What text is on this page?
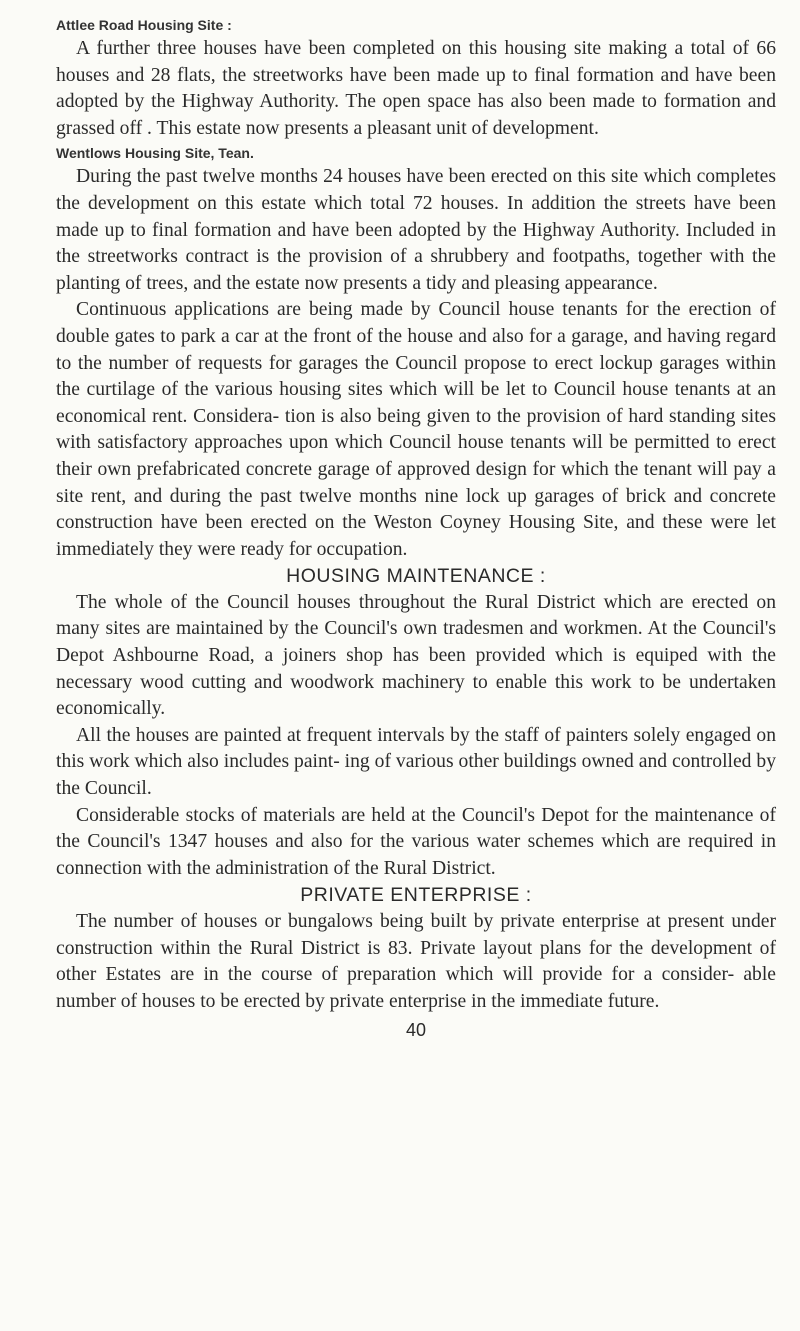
Attlee Road Housing Site :

A further three houses have been completed on this housing site making a total of 66 houses and 28 flats, the streetworks have been made up to final formation and have been adopted by the Highway Authority. The open space has also been made to formation and grassed off . This estate now presents a pleasant unit of development.

Wentlows Housing Site, Tean.

During the past twelve months 24 houses have been erected on this site which completes the development on this estate which total 72 houses. In addition the streets have been made up to final formation and have been adopted by the Highway Authority. Included in the streetworks contract is the provision of a shrubbery and footpaths, together with the planting of trees, and the estate now presents a tidy and pleasing appearance.

Continuous applications are being made by Council house tenants for the erection of double gates to park a car at the front of the house and also for a garage, and having regard to the number of requests for garages the Council propose to erect lockup garages within the curtilage of the various housing sites which will be let to Council house tenants at an economical rent. Considera- tion is also being given to the provision of hard standing sites with satisfactory approaches upon which Council house tenants will be permitted to erect their own prefabricated concrete garage of approved design for which the tenant will pay a site rent, and during the past twelve months nine lock up garages of brick and concrete construction have been erected on the Weston Coyney Housing Site, and these were let immediately they were ready for occupation.

HOUSING MAINTENANCE :

The whole of the Council houses throughout the Rural District which are erected on many sites are maintained by the Council's own tradesmen and workmen. At the Council's Depot Ashbourne Road, a joiners shop has been provided which is equiped with the necessary wood cutting and woodwork machinery to enable this work to be undertaken economically.

All the houses are painted at frequent intervals by the staff of painters solely engaged on this work which also includes paint- ing of various other buildings owned and controlled by the Council.

Considerable stocks of materials are held at the Council's Depot for the maintenance of the Council's 1347 houses and also for the various water schemes which are required in connection with the administration of the Rural District.

PRIVATE ENTERPRISE :

The number of houses or bungalows being built by private enterprise at present under construction within the Rural District is 83. Private layout plans for the development of other Estates are in the course of preparation which will provide for a consider- able number of houses to be erected by private enterprise in the immediate future.

40
